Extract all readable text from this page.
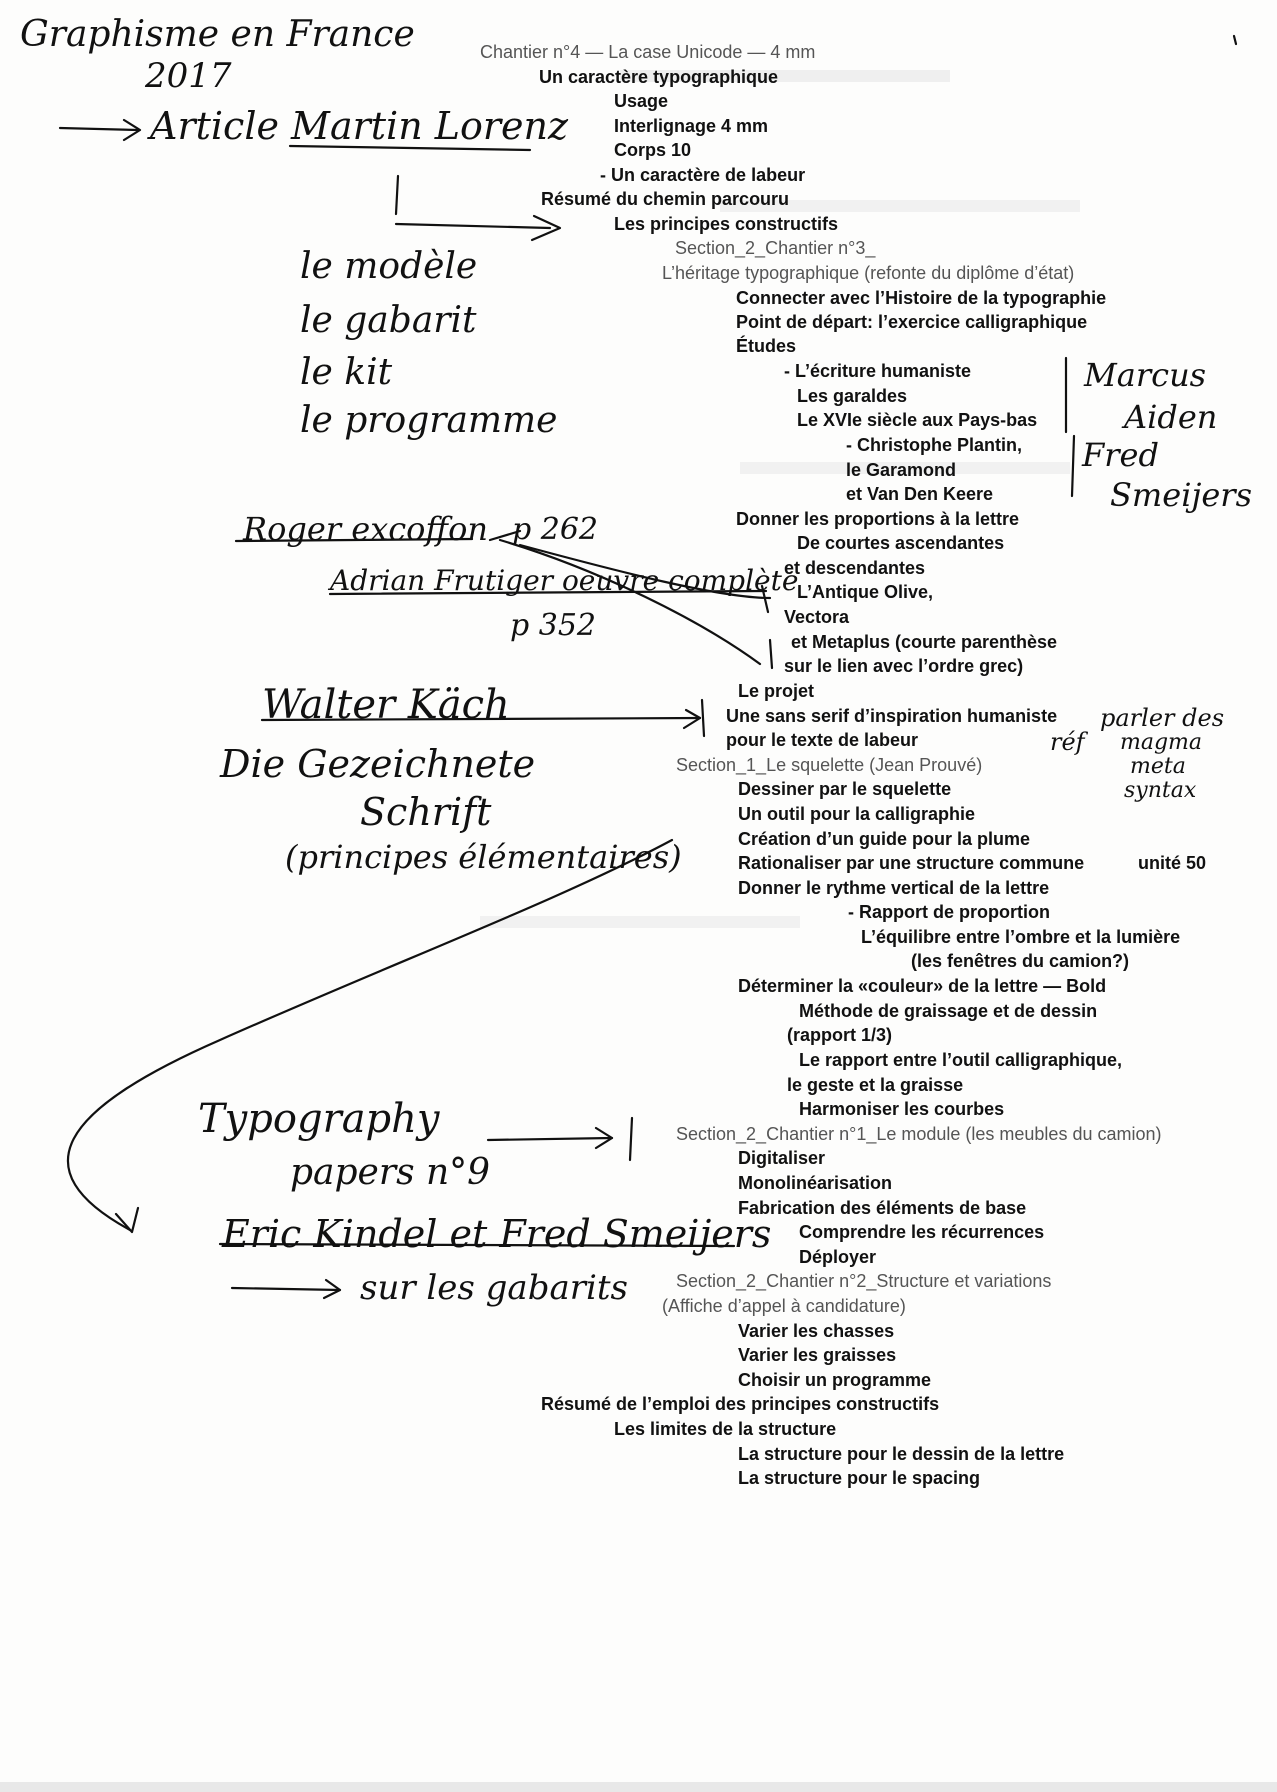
Chantier n°4 — La case Unicode — 4 mm
Un caractère typographique
Usage
Interlignage 4 mm
Corps 10
- Un caractère de labeur
Résumé du chemin parcouru
Les principes constructifs
Section_2_Chantier n°3_
L’héritage typographique (refonte du diplôme d’état)
Connecter avec l’Histoire de la typographie
Point de départ: l’exercice calligraphique
Études
- L’écriture humaniste
Les garaldes
Le XVIe siècle aux Pays-bas
- Christophe Plantin,
le Garamond
et Van Den Keere
Donner les proportions à la lettre
De courtes ascendantes
et descendantes
L’Antique Olive,
Vectora
et Metaplus (courte parenthèse
sur le lien avec l’ordre grec)
Le projet
Une sans serif d’inspiration humaniste
pour le texte de labeur
Section_1_Le squelette (Jean Prouvé)
Dessiner par le squelette
Un outil pour la calligraphie
Création d’un guide pour la plume
Rationaliser par une structure commune	unité 50
Donner le rythme vertical de la lettre
- Rapport de proportion
L’équilibre entre l’ombre et la lumière
(les fenêtres du camion?)
Déterminer la «couleur» de la lettre — Bold
Méthode de graissage et de dessin
(rapport 1/3)
Le rapport entre l’outil calligraphique,
le geste et la graisse
Harmoniser les courbes
Section_2_Chantier n°1_Le module (les meubles du camion)
Digitaliser
Monolinéarisation
Fabrication des éléments de base
Comprendre les récurrences
Déployer
Section_2_Chantier n°2_Structure et variations
(Affiche d’appel à candidature)
Varier les chasses
Varier les graisses
Choisir un programme
Résumé de l’emploi des principes constructifs
Les limites de la structure
La structure pour le dessin de la lettre
La structure pour le spacing
Graphisme en France
2017
Article Martin Lorenz
le modèle
le gabarit
le kit
le programme
Roger excoffon p 262
Adrian Frutiger oeuvre complète
p 352
Walter Käch
Die Gezeichnete
Schrift
(principes élémentaires)
Typography
papers n°9
Eric Kindel et Fred Smeijers
sur les gabarits
Marcus
Aiden
Fred
Smeijers
réf
parler des
magma
meta
syntax
